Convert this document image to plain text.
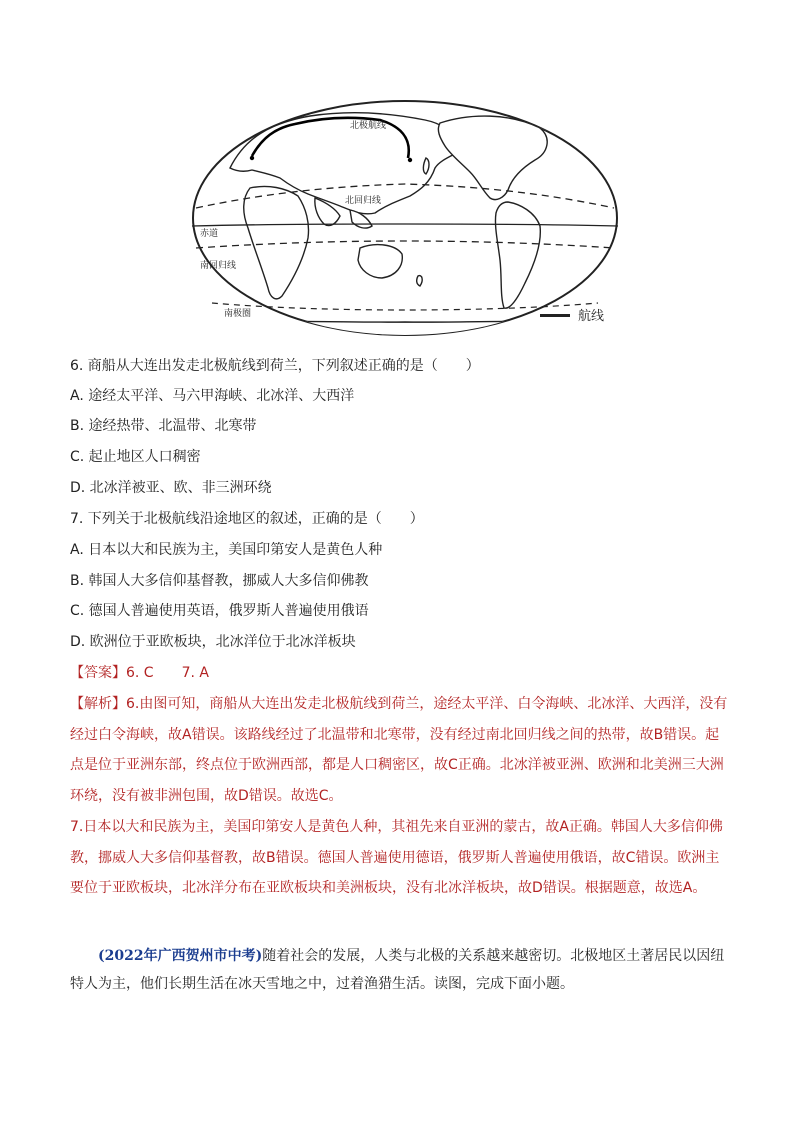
北极航线
北回归线
赤道
南回归线
南极圈	航线
6. 商船从大连出发走北极航线到荷兰，下列叙述正确的是（　　）
A. 途经太平洋、马六甲海峡、北冰洋、大西洋
B. 途经热带、北温带、北寒带
C. 起止地区人口稠密
D. 北冰洋被亚、欧、非三洲环绕
7. 下列关于北极航线沿途地区的叙述，正确的是（　　）
A. 日本以大和民族为主，美国印第安人是黄色人种
B. 韩国人大多信仰基督教，挪威人大多信仰佛教
C. 德国人普遍使用英语，俄罗斯人普遍使用俄语
D. 欧洲位于亚欧板块，北冰洋位于北冰洋板块
【答案】6. C　　7. A
【解析】6.由图可知，商船从大连出发走北极航线到荷兰，途经太平洋、白令海峡、北冰洋、大西洋，没有经过白令海峡，故A错误。该路线经过了北温带和北寒带，没有经过南北回归线之间的热带，故B错误。起点是位于亚洲东部，终点位于欧洲西部，都是人口稠密区，故C正确。北冰洋被亚洲、欧洲和北美洲三大洲环绕，没有被非洲包围，故D错误。故选C。
7.日本以大和民族为主，美国印第安人是黄色人种，其祖先来自亚洲的蒙古，故A正确。韩国人大多信仰佛教，挪威人大多信仰基督教，故B错误。德国人普遍使用德语，俄罗斯人普遍使用俄语，故C错误。欧洲主要位于亚欧板块，北冰洋分布在亚欧板块和美洲板块，没有北冰洋板块，故D错误。根据题意，故选A。
(2022年广西贺州市中考)随着社会的发展，人类与北极的关系越来越密切。北极地区土著居民以因纽特人为主，他们长期生活在冰天雪地之中，过着渔猎生活。读图，完成下面小题。
